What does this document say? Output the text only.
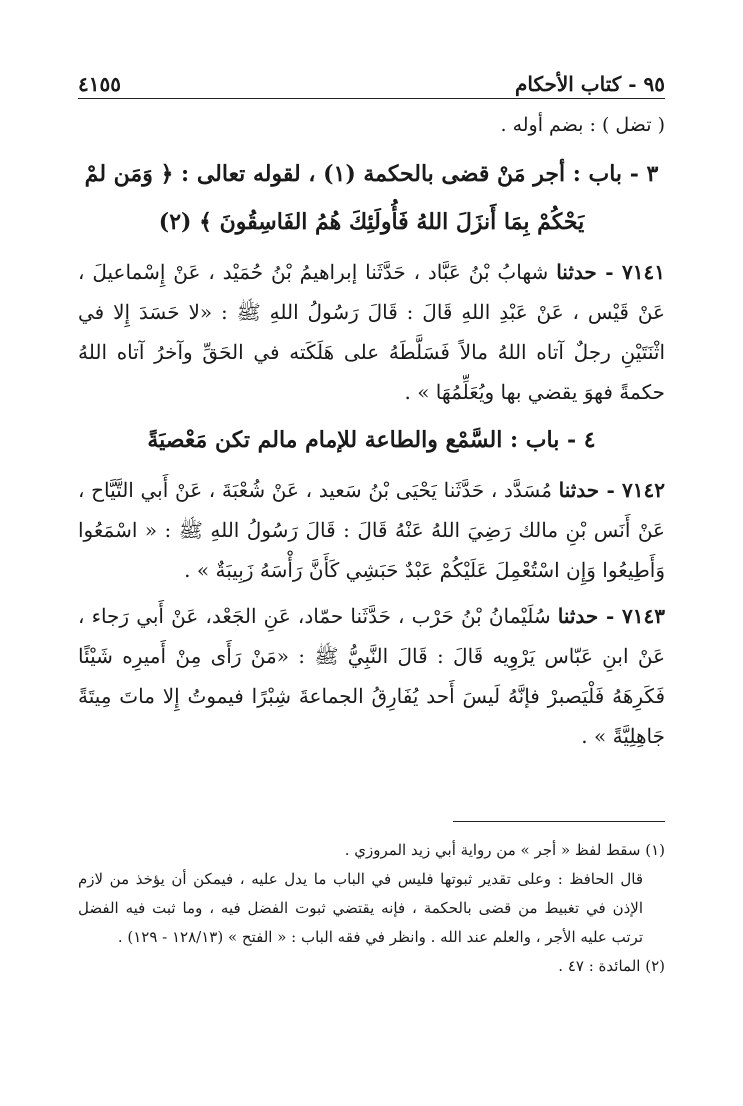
٩٥ - كتاب الأحكام
٤١٥٥

( تضل ) : بضم أوله .

٣ - باب : أجر مَنْ قضى بالحكمة (١) ، لقوله تعالى : ﴿ وَمَن لمْ يَحْكُمْ بِمَا أَنزَلَ اللهُ فَأُولَئِكَ هُمُ الفَاسِقُونَ ﴾ (٢)

٧١٤١ - حدثنا شهابُ بْنُ عَبَّاد ، حَدَّثَنا إبراهيمُ بْنُ حُمَيْد ، عَنْ إِسْماعيلَ ، عَنْ قَيْس ، عَنْ عَبْدِ اللهِ قَالَ : قَالَ رَسُولُ اللهِ ﷺ : «لا حَسَدَ إِلا في اثْنَتَيْنِ رجلٌ آتاه اللهُ مالاً فَسَلَّطَهُ على هَلَكَته في الحَقِّ وآخرُ آتاه اللهُ حكمةً فهوَ يقضي بها ويُعَلِّمُهَا » .

٤ - باب : السَّمْع والطاعة للإمام مالم تكن مَعْصيَةً

٧١٤٢ - حدثنا مُسَدَّد ، حَدَّثَنا يَحْيَى بْنُ سَعيد ، عَنْ شُعْبَةَ ، عَنْ أَبي التَّيَّاح ، عَنْ أَنَس بْنِ مالك رَضِيَ اللهُ عَنْهُ قَالَ : قَالَ رَسُولُ اللهِ ﷺ : « اسْمَعُوا وَأَطِيعُوا وَإِن اسْتُعْمِلَ عَلَيْكُمْ عَبْدٌ حَبَشِي كَأَنَّ رَأْسَهُ زَبِيبَةٌ » .

٧١٤٣ - حدثنا سُلَيْمانُ بْنُ حَرْب ، حَدَّثَنا حمّاد، عَنِ الجَعْد، عَنْ أَبي رَجاء ، عَنْ ابنِ عَبّاس يَرْوِيه قَالَ : قَالَ النَّبِيُّ ﷺ : «مَنْ رَأَى مِنْ أَميرِه شَيْئًا فَكَرِهَهُ فَلْيَصبرْ فإنَّهُ لَيسَ أَحد يُفَارِقُ الجماعةَ شِبْرًا فيموتُ إِلا ماتَ مِيتَةً جَاهِلِيَّةً » .

(١) سقط لفظ « أجر » من رواية أبي زيد المروزي .

قال الحافظ : وعلى تقدير ثبوتها فليس في الباب ما يدل عليه ، فيمكن أن يؤخذ من لازم الإذن في تغبيط من قضى بالحكمة ، فإنه يقتضي ثبوت الفضل فيه ، وما ثبت فيه الفضل ترتب عليه الأجر ، والعلم عند الله . وانظر في فقه الباب : « الفتح » (١٢٨/١٣ - ١٢٩) .

(٢) المائدة : ٤٧ .
